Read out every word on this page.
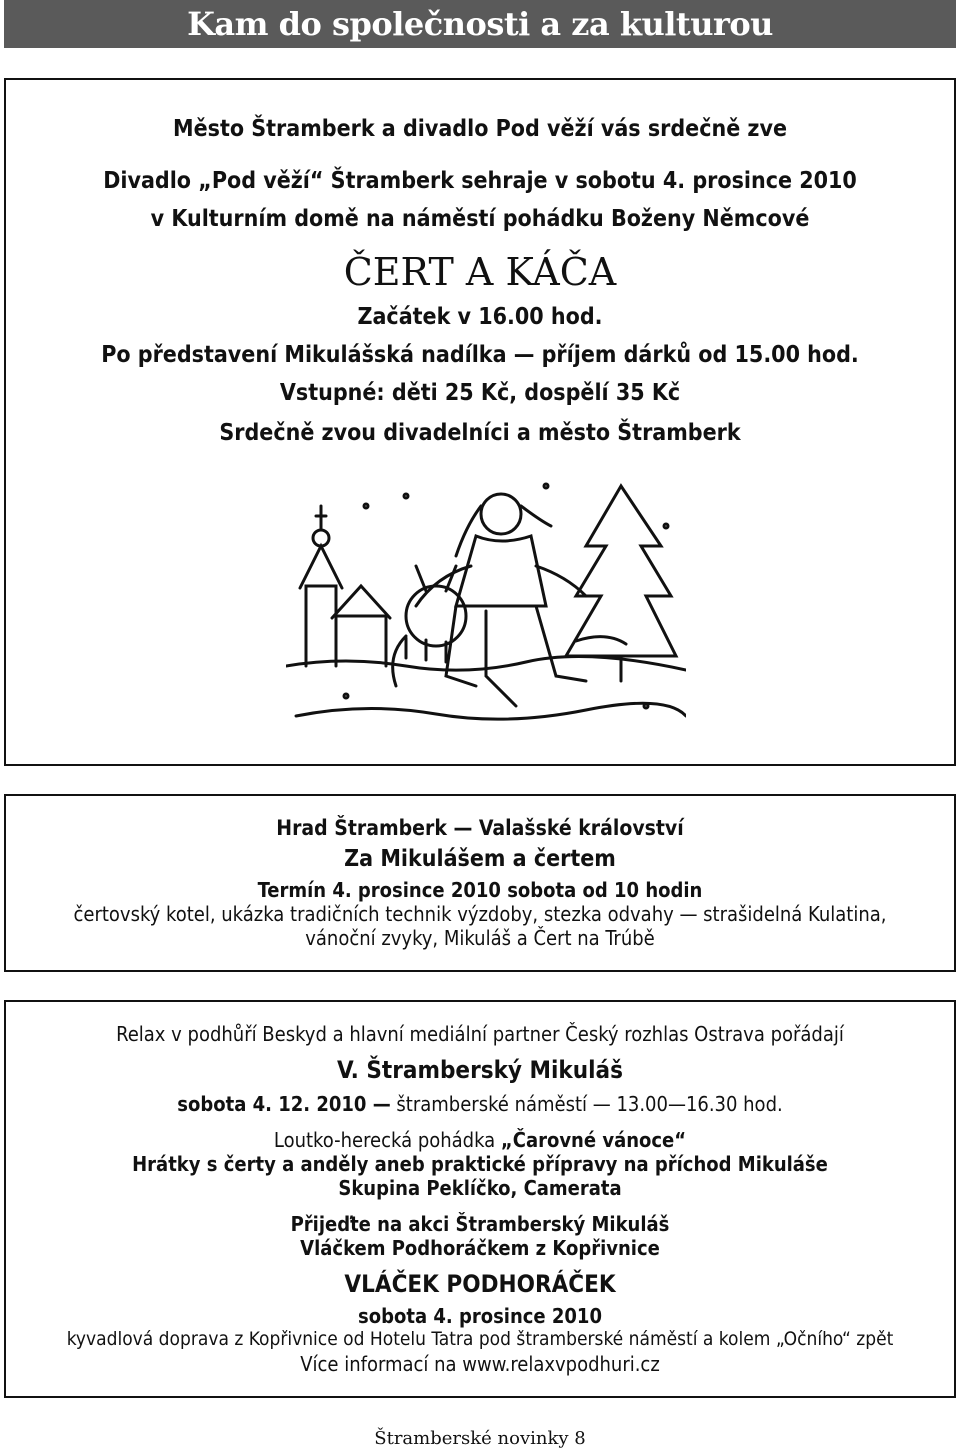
Kam do společnosti a za kulturou
Město Štramberk a divadlo Pod věží vás srdečně zve
Divadlo „Pod věží“ Štramberk sehraje v sobotu 4. prosince 2010
v Kulturním domě na náměstí pohádku Boženy Němcové
ČERT A KÁČA
Začátek v 16.00 hod.
Po představení Mikulášská nadílka — příjem dárků od 15.00 hod.
Vstupné: děti 25 Kč, dospělí 35 Kč
Srdečně zvou divadelníci a město Štramberk
Hrad Štramberk — Valašské království
Za Mikulášem a čertem
Termín 4. prosince 2010 sobota od 10 hodin
čertovský kotel, ukázka tradičních technik výzdoby, stezka odvahy — strašidelná Kulatina,
vánoční zvyky, Mikuláš a Čert na Trúbě
Relax v podhůří Beskyd a hlavní mediální partner Český rozhlas Ostrava pořádají
V. Štramberský Mikuláš
sobota 4. 12. 2010 — štramberské náměstí — 13.00—16.30 hod.
Loutko-herecká pohádka „Čarovné vánoce“
Hrátky s čerty a anděly aneb praktické přípravy na příchod Mikuláše
Skupina Peklíčko, Camerata
Přijeďte na akci Štramberský Mikuláš
Vláčkem Podhoráčkem z Kopřivnice
VLÁČEK PODHORÁČEK
sobota 4. prosince 2010
kyvadlová doprava z Kopřivnice od Hotelu Tatra pod štramberské náměstí a kolem „Očního“ zpět
Více informací na www.relaxvpodhuri.cz
Štramberské novinky 8
